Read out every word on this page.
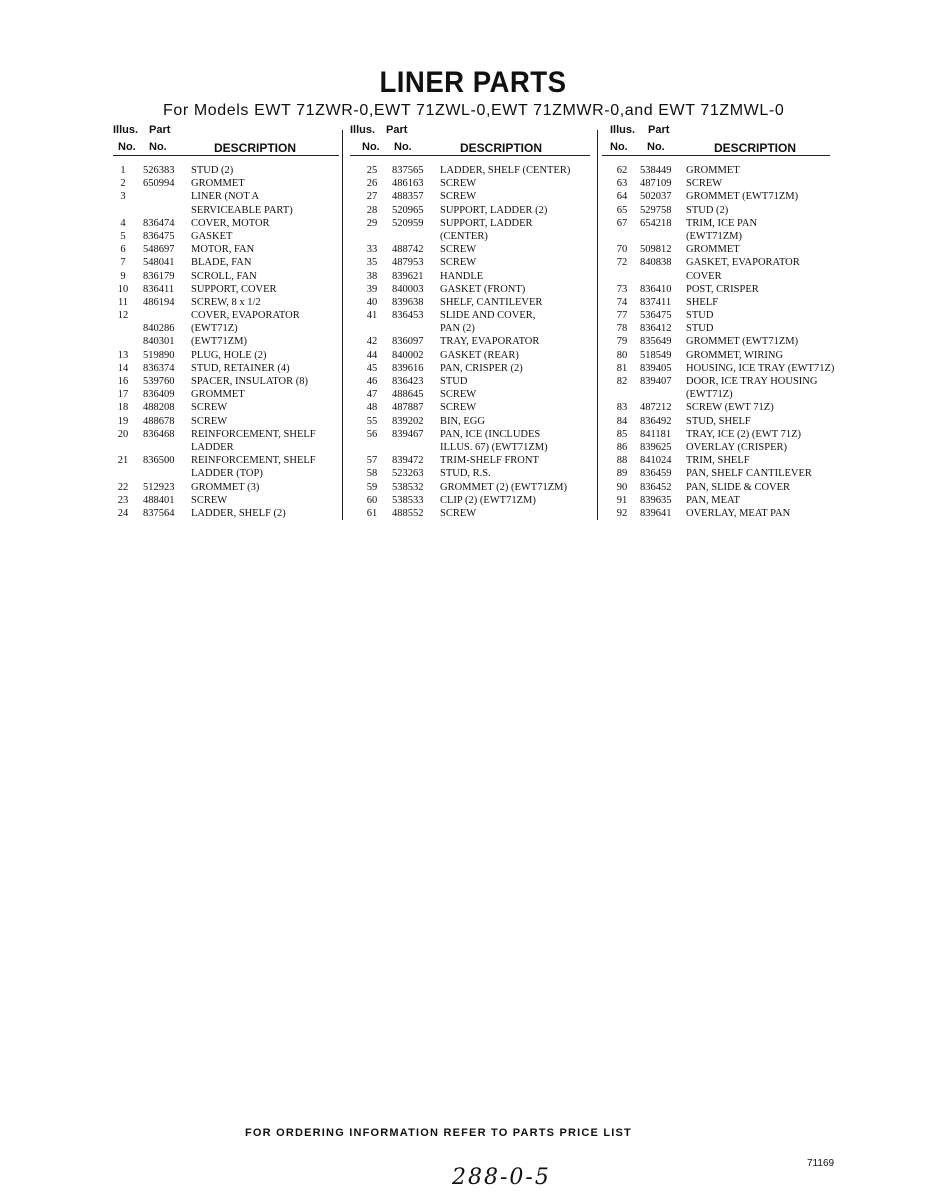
LINER PARTS
For Models EWT 71ZWR-0,EWT 71ZWL-0,EWT 71ZMWR-0,and EWT 71ZMWL-0
Illus. Part
No. No.	DESCRIPTION
1	526383 STUD (2)
2	650994 GROMMET
3	LINER (NOT A
SERVICEABLE PART)
4	836474 COVER, MOTOR
5	836475 GASKET
6	548697 MOTOR, FAN
7	548041 BLADE, FAN
9	836179 SCROLL, FAN
10	836411 SUPPORT, COVER
11	486194 SCREW, 8 x 1/2
12	COVER, EVAPORATOR
840286 (EWT71Z)
840301 (EWT71ZM)
13	519890 PLUG, HOLE (2)
14	836374 STUD, RETAINER (4)
16	539760 SPACER, INSULATOR (8)
17	836409 GROMMET
18	488208 SCREW
19	488678 SCREW
20	836468 REINFORCEMENT, SHELF
LADDER
21	836500 REINFORCEMENT, SHELF
LADDER (TOP)
22	512923 GROMMET (3)
23	488401 SCREW
24	837564 LADDER, SHELF (2)
Illus. Part
No. No.	DESCRIPTION
25	837565 LADDER, SHELF (CENTER)
26	486163 SCREW
27	488357 SCREW
28	520965 SUPPORT, LADDER (2)
29	520959 SUPPORT, LADDER
(CENTER)
33	488742 SCREW
35	487953 SCREW
38	839621 HANDLE
39	840003 GASKET (FRONT)
40	839638 SHELF, CANTILEVER
41	836453 SLIDE AND COVER,
PAN (2)
42	836097 TRAY, EVAPORATOR
44	840002 GASKET (REAR)
45	839616 PAN, CRISPER (2)
46	836423 STUD
47	488645 SCREW
48	487887 SCREW
55	839202 BIN, EGG
56	839467 PAN, ICE (INCLUDES
ILLUS. 67) (EWT71ZM)
57	839472 TRIM-SHELF FRONT
58	523263 STUD, R.S.
59	538532 GROMMET (2) (EWT71ZM)
60	538533 CLIP (2) (EWT71ZM)
61	488552 SCREW
Illus. Part
No. No.	DESCRIPTION
62	538449 GROMMET
63	487109 SCREW
64	502037 GROMMET (EWT71ZM)
65	529758 STUD (2)
67	654218 TRIM, ICE PAN
(EWT71ZM)
70	509812 GROMMET
72	840838 GASKET, EVAPORATOR
COVER
73	836410 POST, CRISPER
74	837411 SHELF
77	536475 STUD
78	836412 STUD
79	835649 GROMMET (EWT71ZM)
80	518549 GROMMET, WIRING
81	839405 HOUSING, ICE TRAY (EWT71Z)
82	839407 DOOR, ICE TRAY HOUSING
(EWT71Z)
83	487212 SCREW (EWT 71Z)
84	836492 STUD, SHELF
85	841181 TRAY, ICE (2) (EWT 71Z)
86	839625 OVERLAY (CRISPER)
88	841024 TRIM, SHELF
89	836459 PAN, SHELF CANTILEVER
90	836452 PAN, SLIDE & COVER
91	839635 PAN, MEAT
92	839641 OVERLAY, MEAT PAN
FOR ORDERING INFORMATION REFER TO PARTS PRICE LIST
288-0-5
71169
